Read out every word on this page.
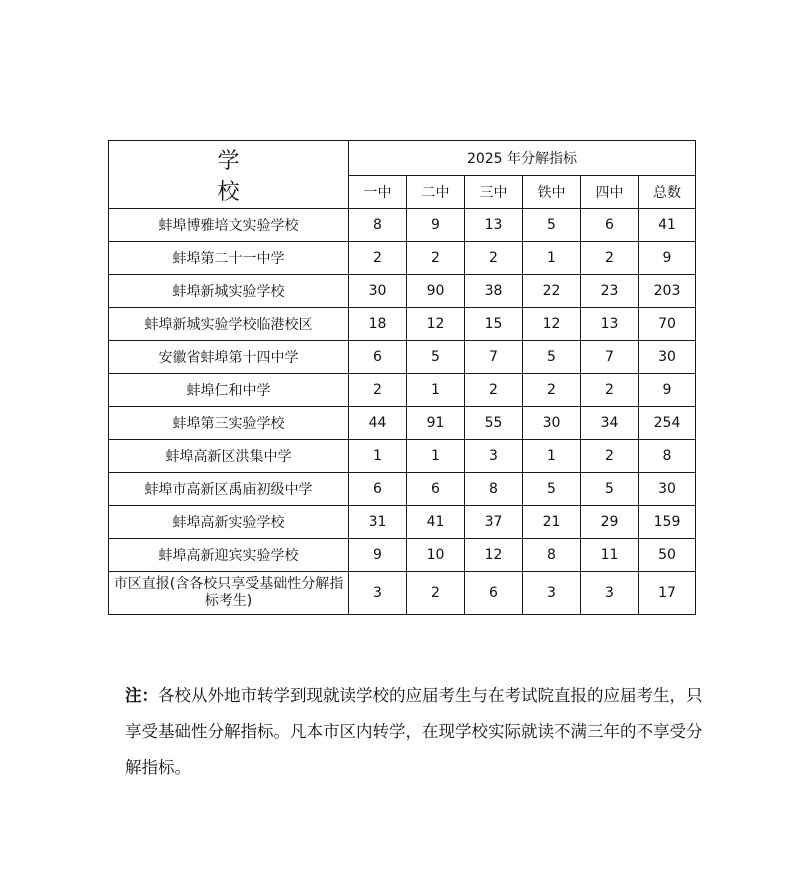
学 校	2025 年分解指标					
	一中	二中	三中	铁中	四中	总数
蚌埠博雅培文实验学校	8	9	13	5	6	41
蚌埠第二十一中学	2	2	2	1	2	9
蚌埠新城实验学校	30	90	38	22	23	203
蚌埠新城实验学校临港校区	18	12	15	12	13	70
安徽省蚌埠第十四中学	6	5	7	5	7	30
蚌埠仁和中学	2	1	2	2	2	9
蚌埠第三实验学校	44	91	55	30	34	254
蚌埠高新区洪集中学	1	1	3	1	2	8
蚌埠市高新区禹庙初级中学	6	6	8	5	5	30
蚌埠高新实验学校	31	41	37	21	29	159
蚌埠高新迎宾实验学校	9	10	12	8	11	50
市区直报(含各校只享受基础性分解指标考生)	3	2	6	3	3	17

注：各校从外地市转学到现就读学校的应届考生与在考试院直报的应届考生，只享受基础性分解指标。凡本市区内转学，在现学校实际就读不满三年的不享受分解指标。
